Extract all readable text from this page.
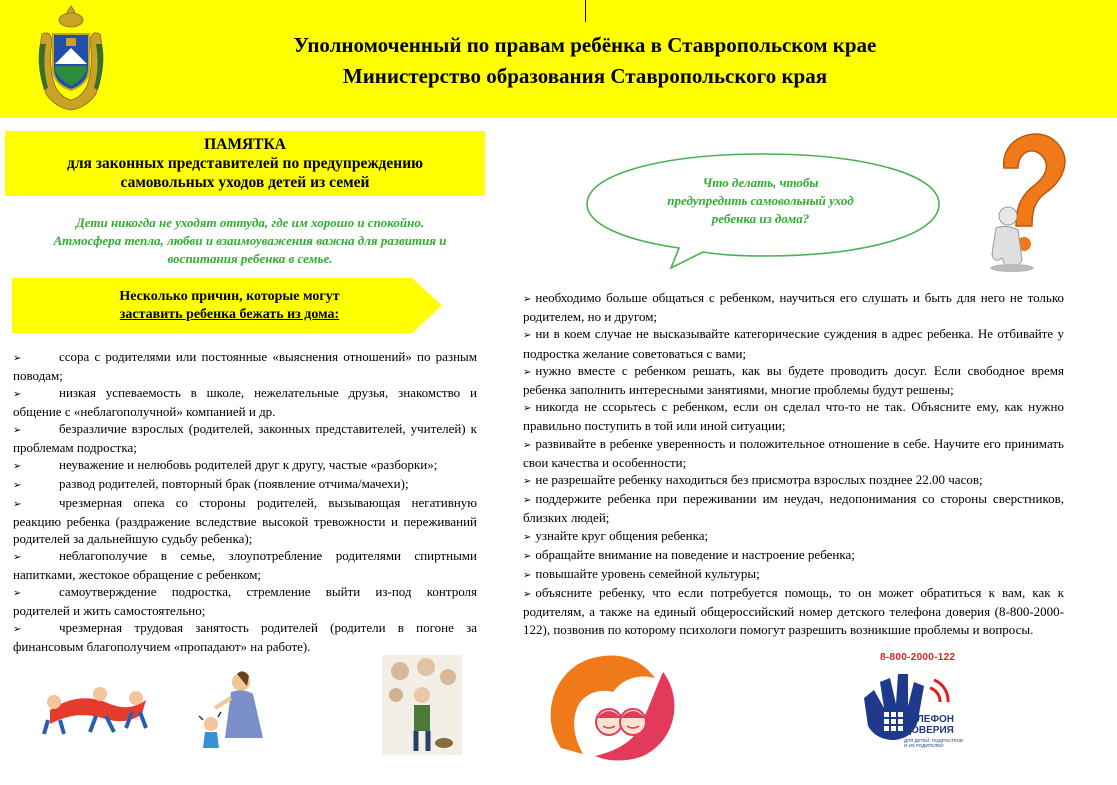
Уполномоченный по правам ребёнка в Ставропольском крае
Министерство образования Ставропольского края
ПАМЯТКА
для законных представителей по предупреждению
самовольных уходов детей из семей
Дети никогда не уходят оттуда, где им хорошо и спокойно.
Атмосфера тепла, любви и взаимоуважения важна для развития и
воспитания ребенка в семье.
Несколько причин, которые могут
заставить ребенка бежать из дома:
➢	ссора с родителями или постоянные «выяснения отношений» по разным поводам;
➢	низкая успеваемость в школе, нежелательные друзья, знакомство и общение с «неблагополучной» компанией и др.
➢	безразличие взрослых (родителей, законных представителей, учителей) к проблемам подростка;
➢	неуважение и нелюбовь родителей друг к другу, частые «разборки»;
➢	развод родителей, повторный брак (появление отчима/мачехи);
➢	чрезмерная опека со стороны родителей, вызывающая негативную реакцию ребенка (раздражение вследствие высокой тревожности и переживаний родителей за дальнейшую судьбу ребенка);
➢	неблагополучие в семье, злоупотребление родителями спиртными напитками, жестокое обращение с ребенком;
➢	самоутверждение подростка, стремление выйти из-под контроля родителей и жить самостоятельно;
➢	чрезмерная трудовая занятость родителей (родители в погоне за финансовым благополучием «пропадают» на работе).
Что делать, чтобы
предупредить самовольный уход
ребенка из дома?
➢ необходимо больше общаться с ребенком, научиться его слушать и быть для него не только родителем, но и другом;
➢ ни в коем случае не высказывайте категорические суждения в адрес ребенка. Не отбивайте у подростка желание советоваться с вами;
➢ нужно вместе с ребенком решать, как вы будете проводить досуг. Если свободное время ребенка заполнить интересными занятиями, многие проблемы будут решены;
➢ никогда не ссорьтесь с ребенком, если он сделал что-то не так. Объясните ему, как нужно правильно поступить в той или иной ситуации;
➢ развивайте в ребенке уверенность и положительное отношение в себе. Научите его принимать свои качества и особенности;
➢ не разрешайте ребенку находиться без присмотра взрослых позднее 22.00 часов;
➢ поддержите ребенка при переживании им неудач, недопонимания со стороны сверстников, близких людей;
➢ узнайте круг общения ребенка;
➢ обращайте внимание на поведение и настроение ребенка;
➢ повышайте уровень семейной культуры;
➢ объясните ребенку, что если потребуется помощь, то он может обратиться к вам, как к родителям, а также на единый общероссийский номер детского телефона доверия (8-800-2000-122), позвонив по которому психологи помогут разрешить возникшие проблемы и вопросы.
8-800-2000-122
ТЕЛЕФОН
ДОВЕРИЯ
ДЛЯ ДЕТЕЙ, ПОДРОСТКОВ
И ИХ РОДИТЕЛЕЙ
